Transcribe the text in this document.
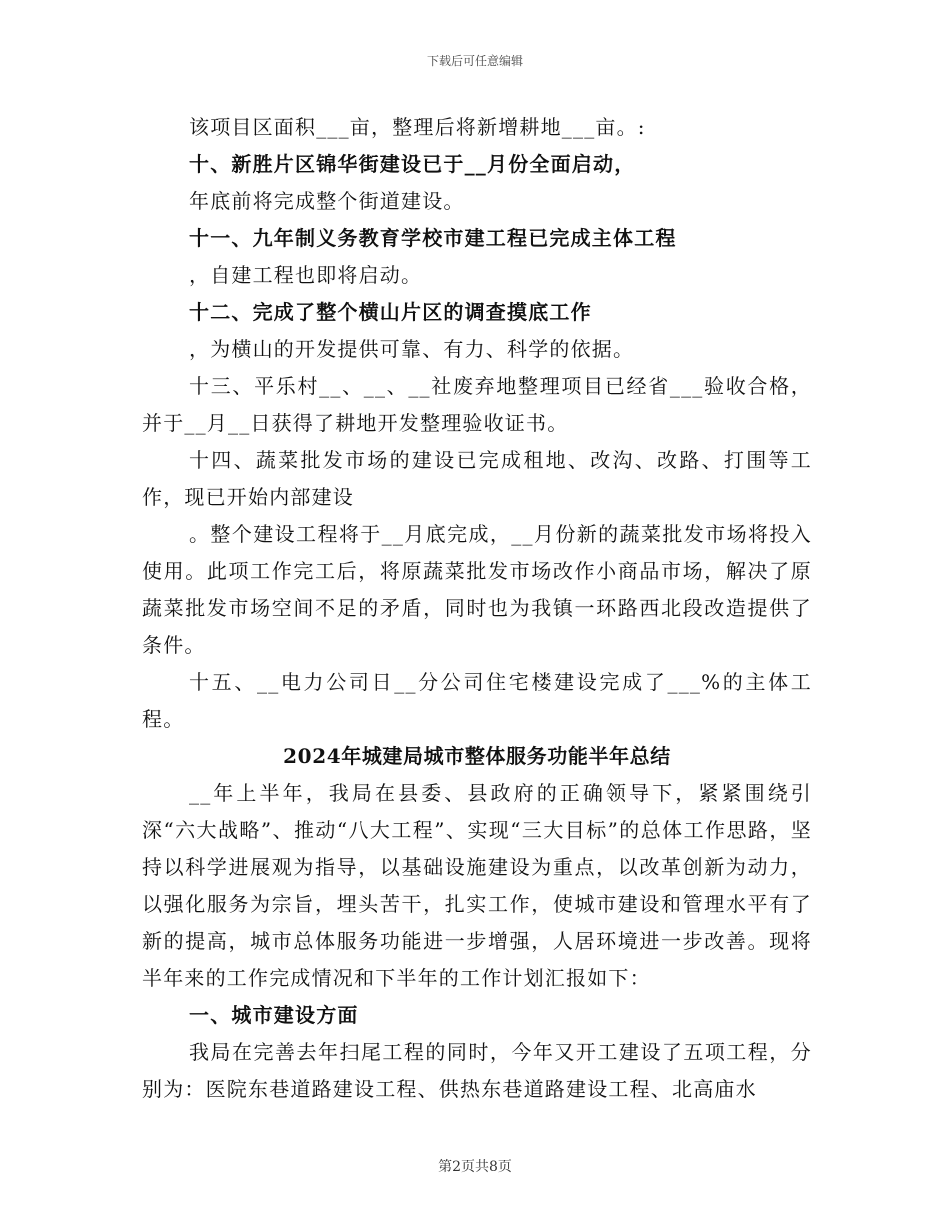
下载后可任意编辑

该项目区面积___亩，整理后将新增耕地___亩。:

十、新胜片区锦华街建设已于__月份全面启动，

年底前将完成整个街道建设。

十一、九年制义务教育学校市建工程已完成主体工程

，自建工程也即将启动。

十二、完成了整个横山片区的调查摸底工作

，为横山的开发提供可靠、有力、科学的依据。

十三、平乐村__、__、__社废弃地整理项目已经省___验收合格，并于__月__日获得了耕地开发整理验收证书。

十四、蔬菜批发市场的建设已完成租地、改沟、改路、打围等工作，现已开始内部建设

。整个建设工程将于__月底完成，__月份新的蔬菜批发市场将投入使用。此项工作完工后，将原蔬菜批发市场改作小商品市场，解决了原蔬菜批发市场空间不足的矛盾，同时也为我镇一环路西北段改造提供了条件。

十五、__电力公司日__分公司住宅楼建设完成了___%的主体工程。

2024年城建局城市整体服务功能半年总结

__年上半年，我局在县委、县政府的正确领导下，紧紧围绕引深“六大战略”、推动“八大工程”、实现“三大目标”的总体工作思路，坚持以科学进展观为指导，以基础设施建设为重点，以改革创新为动力，以强化服务为宗旨，埋头苦干，扎实工作，使城市建设和管理水平有了新的提高，城市总体服务功能进一步增强，人居环境进一步改善。现将半年来的工作完成情况和下半年的工作计划汇报如下：

一、城市建设方面

我局在完善去年扫尾工程的同时，今年又开工建设了五项工程，分别为：医院东巷道路建设工程、供热东巷道路建设工程、北高庙水

第2页共8页
